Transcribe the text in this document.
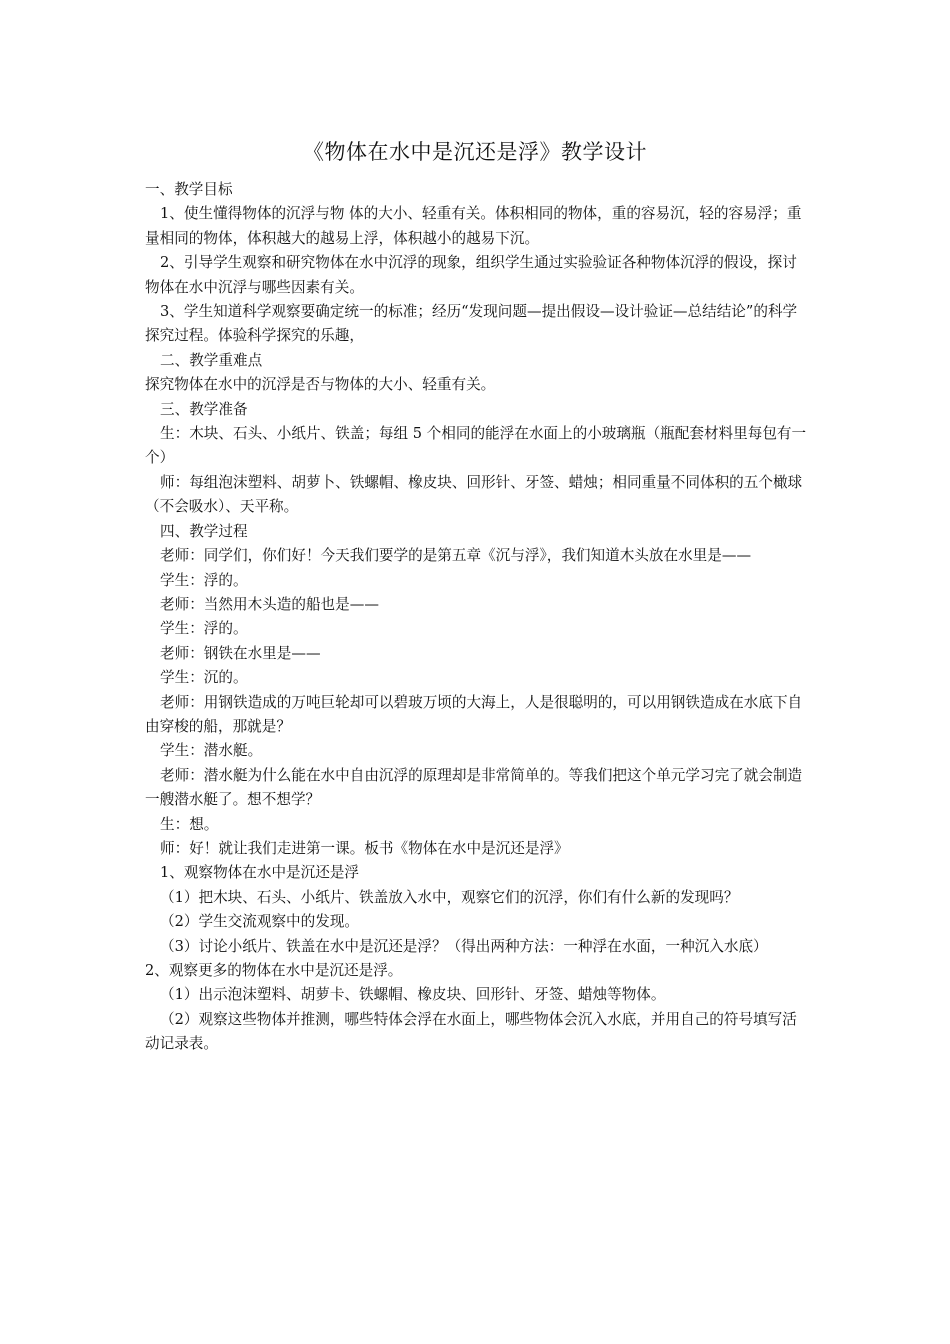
《物体在水中是沉还是浮》教学设计

一、教学目标

1、使生懂得物体的沉浮与物 体的大小、轻重有关。体积相同的物体，重的容易沉，轻的容易浮；重量相同的物体，体积越大的越易上浮，体积越小的越易下沉。

2、引导学生观察和研究物体在水中沉浮的现象，组织学生通过实验验证各种物体沉浮的假设，探讨物体在水中沉浮与哪些因素有关。

3、学生知道科学观察要确定统一的标准；经历“发现问题—提出假设—设计验证—总结结论”的科学探究过程。体验科学探究的乐趣，

二、教学重难点

探究物体在水中的沉浮是否与物体的大小、轻重有关。

三、教学准备

生：木块、石头、小纸片、铁盖；每组 5 个相同的能浮在水面上的小玻璃瓶（瓶配套材料里每包有一个）

师：每组泡沫塑料、胡萝卜、铁螺帽、橡皮块、回形针、牙签、蜡烛；相同重量不同体积的五个橄球（不会吸水）、天平称。

四、教学过程

老师：同学们，你们好！今天我们要学的是第五章《沉与浮》，我们知道木头放在水里是——

学生：浮的。

老师：当然用木头造的船也是——

学生：浮的。

老师：钢铁在水里是——

学生：沉的。

老师：用钢铁造成的万吨巨轮却可以碧玻万顷的大海上，人是很聪明的，可以用钢铁造成在水底下自由穿梭的船，那就是？

学生：潜水艇。

老师：潜水艇为什么能在水中自由沉浮的原理却是非常简单的。等我们把这个单元学习完了就会制造一艘潜水艇了。想不想学？

生：想。

师：好！就让我们走进第一课。板书《物体在水中是沉还是浮》

1、观察物体在水中是沉还是浮

（1）把木块、石头、小纸片、铁盖放入水中，观察它们的沉浮，你们有什么新的发现吗？

（2）学生交流观察中的发现。

（3）讨论小纸片、铁盖在水中是沉还是浮？（得出两种方法：一种浮在水面，一种沉入水底）

2、观察更多的物体在水中是沉还是浮。

（1）出示泡沫塑料、胡萝卡、铁螺帽、橡皮块、回形针、牙签、蜡烛等物体。

（2）观察这些物体并推测，哪些特体会浮在水面上，哪些物体会沉入水底，并用自己的符号填写活动记录表。
